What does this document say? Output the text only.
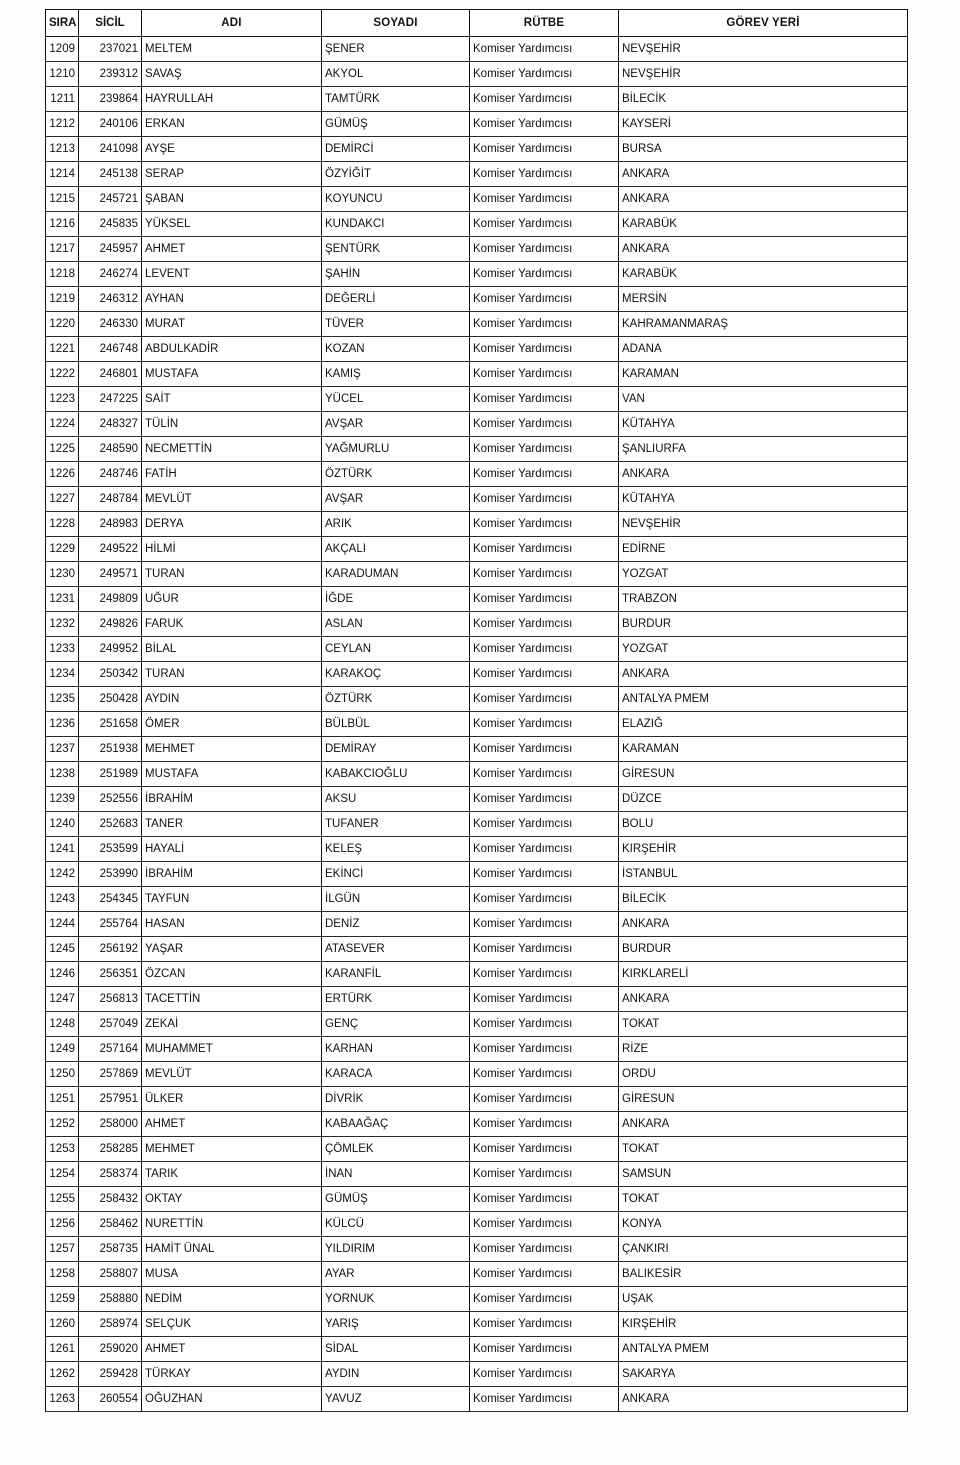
SIRA	SİCİL	ADI	SOYADI	RÜTBE	GÖREV YERİ
1209	237021	MELTEM	ŞENER	Komiser Yardımcısı	NEVŞEHİR
1210	239312	SAVAŞ	AKYOL	Komiser Yardımcısı	NEVŞEHİR
1211	239864	HAYRULLAH	TAMTÜRK	Komiser Yardımcısı	BİLECİK
1212	240106	ERKAN	GÜMÜŞ	Komiser Yardımcısı	KAYSERİ
1213	241098	AYŞE	DEMİRCİ	Komiser Yardımcısı	BURSA
1214	245138	SERAP	ÖZYİĞİT	Komiser Yardımcısı	ANKARA
1215	245721	ŞABAN	KOYUNCU	Komiser Yardımcısı	ANKARA
1216	245835	YÜKSEL	KUNDAKCI	Komiser Yardımcısı	KARABÜK
1217	245957	AHMET	ŞENTÜRK	Komiser Yardımcısı	ANKARA
1218	246274	LEVENT	ŞAHİN	Komiser Yardımcısı	KARABÜK
1219	246312	AYHAN	DEĞERLİ	Komiser Yardımcısı	MERSİN
1220	246330	MURAT	TÜVER	Komiser Yardımcısı	KAHRAMANMARAŞ
1221	246748	ABDULKADİR	KOZAN	Komiser Yardımcısı	ADANA
1222	246801	MUSTAFA	KAMIŞ	Komiser Yardımcısı	KARAMAN
1223	247225	SAİT	YÜCEL	Komiser Yardımcısı	VAN
1224	248327	TÜLİN	AVŞAR	Komiser Yardımcısı	KÜTAHYA
1225	248590	NECMETTİN	YAĞMURLU	Komiser Yardımcısı	ŞANLIURFA
1226	248746	FATİH	ÖZTÜRK	Komiser Yardımcısı	ANKARA
1227	248784	MEVLÜT	AVŞAR	Komiser Yardımcısı	KÜTAHYA
1228	248983	DERYA	ARIK	Komiser Yardımcısı	NEVŞEHİR
1229	249522	HİLMİ	AKÇALI	Komiser Yardımcısı	EDİRNE
1230	249571	TURAN	KARADUMAN	Komiser Yardımcısı	YOZGAT
1231	249809	UĞUR	İĞDE	Komiser Yardımcısı	TRABZON
1232	249826	FARUK	ASLAN	Komiser Yardımcısı	BURDUR
1233	249952	BİLAL	CEYLAN	Komiser Yardımcısı	YOZGAT
1234	250342	TURAN	KARAKOÇ	Komiser Yardımcısı	ANKARA
1235	250428	AYDIN	ÖZTÜRK	Komiser Yardımcısı	ANTALYA PMEM
1236	251658	ÖMER	BÜLBÜL	Komiser Yardımcısı	ELAZIĞ
1237	251938	MEHMET	DEMİRAY	Komiser Yardımcısı	KARAMAN
1238	251989	MUSTAFA	KABAKCIOĞLU	Komiser Yardımcısı	GİRESUN
1239	252556	İBRAHİM	AKSU	Komiser Yardımcısı	DÜZCE
1240	252683	TANER	TUFANER	Komiser Yardımcısı	BOLU
1241	253599	HAYALİ	KELEŞ	Komiser Yardımcısı	KIRŞEHİR
1242	253990	İBRAHİM	EKİNCİ	Komiser Yardımcısı	İSTANBUL
1243	254345	TAYFUN	İLGÜN	Komiser Yardımcısı	BİLECİK
1244	255764	HASAN	DENİZ	Komiser Yardımcısı	ANKARA
1245	256192	YAŞAR	ATASEVER	Komiser Yardımcısı	BURDUR
1246	256351	ÖZCAN	KARANFİL	Komiser Yardımcısı	KIRKLARELİ
1247	256813	TACETTİN	ERTÜRK	Komiser Yardımcısı	ANKARA
1248	257049	ZEKAİ	GENÇ	Komiser Yardımcısı	TOKAT
1249	257164	MUHAMMET	KARHAN	Komiser Yardımcısı	RİZE
1250	257869	MEVLÜT	KARACA	Komiser Yardımcısı	ORDU
1251	257951	ÜLKER	DİVRİK	Komiser Yardımcısı	GİRESUN
1252	258000	AHMET	KABAAĞAÇ	Komiser Yardımcısı	ANKARA
1253	258285	MEHMET	ÇÖMLEK	Komiser Yardımcısı	TOKAT
1254	258374	TARIK	İNAN	Komiser Yardımcısı	SAMSUN
1255	258432	OKTAY	GÜMÜŞ	Komiser Yardımcısı	TOKAT
1256	258462	NURETTİN	KÜLCÜ	Komiser Yardımcısı	KONYA
1257	258735	HAMİT ÜNAL	YILDIRIM	Komiser Yardımcısı	ÇANKIRI
1258	258807	MUSA	AYAR	Komiser Yardımcısı	BALIKESİR
1259	258880	NEDİM	YORNUK	Komiser Yardımcısı	UŞAK
1260	258974	SELÇUK	YARIŞ	Komiser Yardımcısı	KIRŞEHİR
1261	259020	AHMET	SİDAL	Komiser Yardımcısı	ANTALYA PMEM
1262	259428	TÜRKAY	AYDIN	Komiser Yardımcısı	SAKARYA
1263	260554	OĞUZHAN	YAVUZ	Komiser Yardımcısı	ANKARA
